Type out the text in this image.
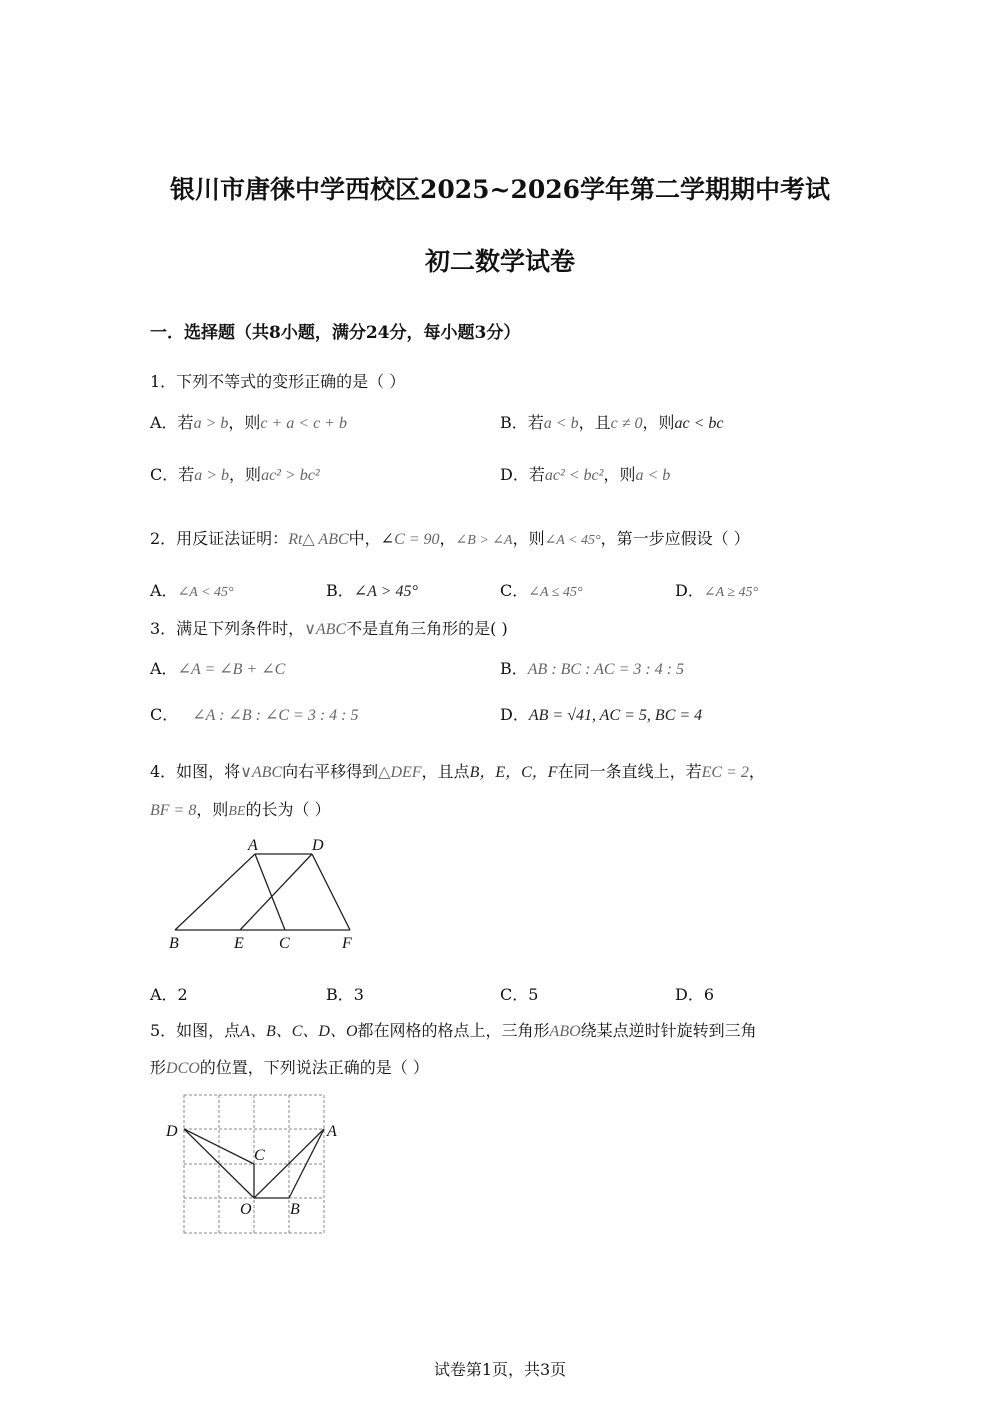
银川市唐徕中学西校区2025~2026学年第二学期期中考试
初二数学试卷
一．选择题（共8小题，满分24分，每小题3分）
1．下列不等式的变形正确的是（ ）
A．若a > b，则c + a < c + b	B．若a < b，且c ≠ 0，则ac < bc
C．若a > b，则ac² > bc²	D．若ac² < bc²，则a < b
2．用反证法证明：Rt△ ABC中，∠C = 90，∠B > ∠A，则∠A < 45°，第一步应假设（ ）
A．∠A < 45°	B．∠A > 45°	C．∠A ≤ 45°	D．∠A ≥ 45°
3．满足下列条件时，∨ABC不是直角三角形的是( )
A．∠A = ∠B + ∠C	B．AB : BC : AC = 3 : 4 : 5
C． ∠A : ∠B : ∠C = 3 : 4 : 5	D．AB = √41, AC = 5, BC = 4
4．如图，将∨ABC向右平移得到△DEF，且点B，E，C，F在同一条直线上，若EC = 2，
BF = 8，则BE的长为（ ）
A	D
B	E C	F
A．2	B．3	C．5	D．6
5．如图，点A、B、C、D、O都在网格的格点上，三角形ABO绕某点逆时针旋转到三角
形DCO的位置，下列说法正确的是（ ）
D	A
C
O B
试卷第1页，共3页
